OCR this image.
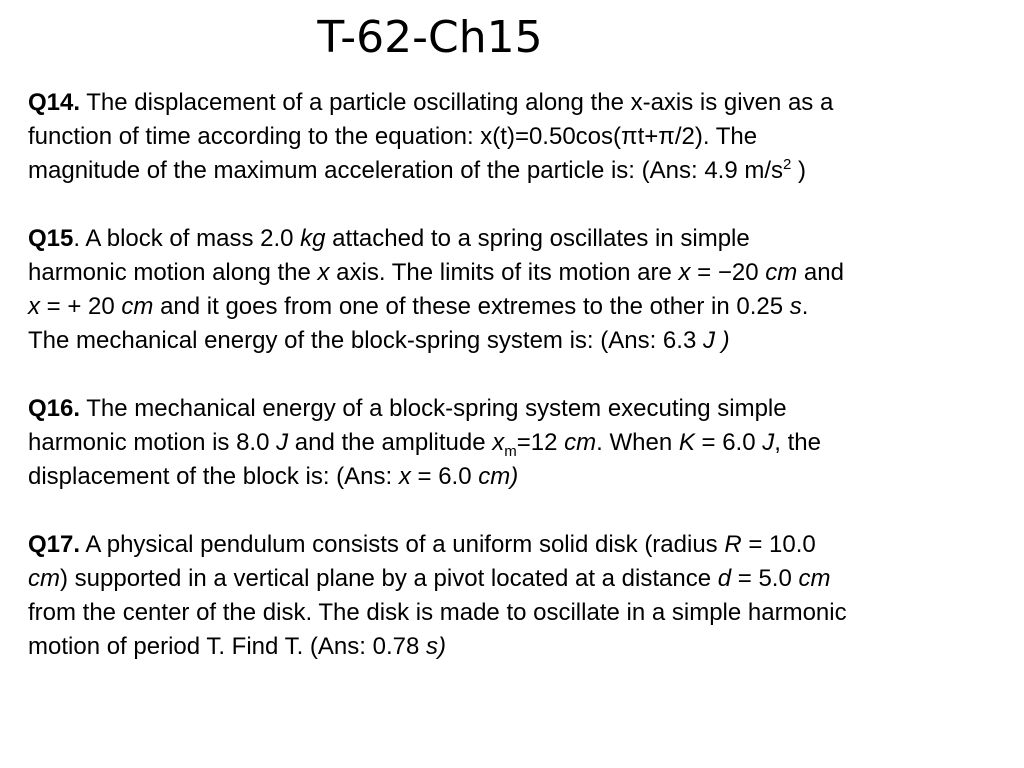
T-62-Ch15
Q14. The displacement of a particle oscillating along the x-axis is given as a
function of time according to the equation: x(t)=0.50cos(πt+π/2). The
magnitude of the maximum acceleration of the particle is: (Ans: 4.9 $m/s^2$ )
Q15. A block of mass 2.0 kg attached to a spring oscillates in simple
harmonic motion along the x axis. The limits of its motion are x = −20 cm and
x = + 20 cm and it goes from one of these extremes to the other in 0.25 s.
The mechanical energy of the block-spring system is: (Ans: 6.3 J )
Q16. The mechanical energy of a block-spring system executing simple
harmonic motion is 8.0 J and the amplitude $x_m=12$ cm. When K = 6.0 J, the
displacement of the block is: (Ans: x = 6.0 cm)
Q17. A physical pendulum consists of a uniform solid disk (radius R = 10.0
cm) supported in a vertical plane by a pivot located at a distance d = 5.0 cm
from the center of the disk. The disk is made to oscillate in a simple harmonic
motion of period T. Find T. (Ans: 0.78 s)
